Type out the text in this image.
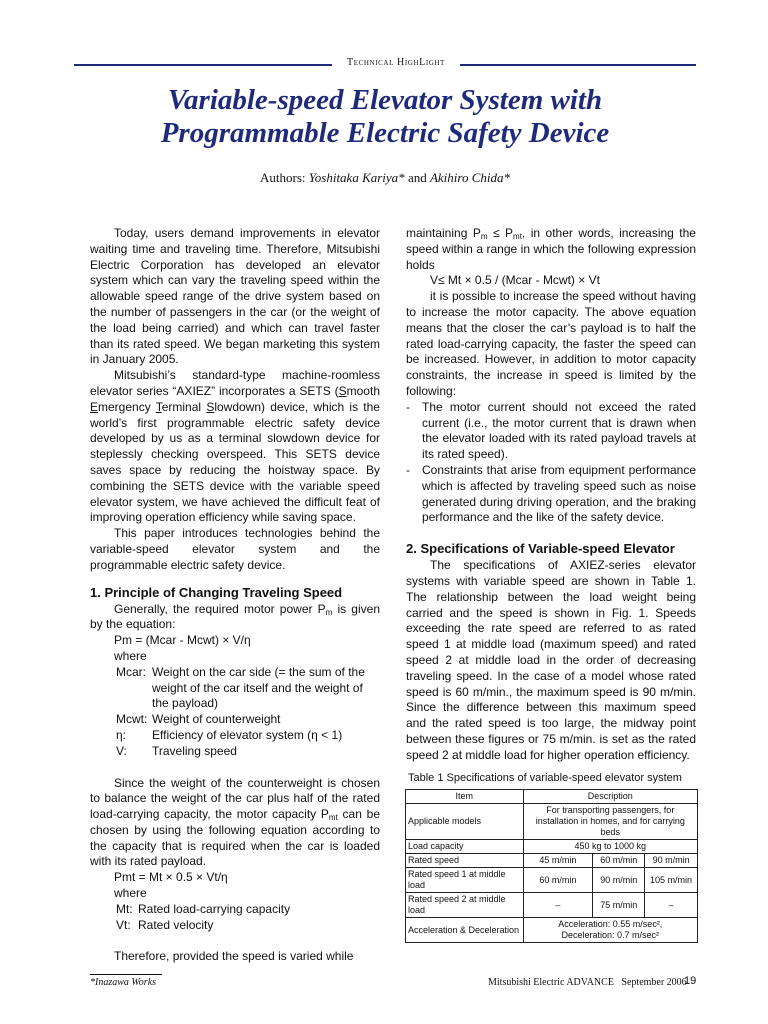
Technical HighLight
Variable-speed Elevator System with
Programmable Electric Safety Device
Authors: Yoshitaka Kariya* and Akihiro Chida*

Today, users demand improvements in elevator waiting time and traveling time. Therefore, Mitsubishi Electric Corporation has developed an elevator system which can vary the traveling speed within the allowable speed range of the drive system based on the number of passengers in the car (or the weight of the load being carried) and which can travel faster than its rated speed. We began marketing this system in January 2005.

Mitsubishi’s standard-type machine-roomless elevator series “AXIEZ” incorporates a SETS (Smooth Emergency Terminal Slowdown) device, which is the world’s first programmable electric safety device developed by us as a terminal slowdown device for steplessly checking overspeed. This SETS device saves space by reducing the hoistway space. By combining the SETS device with the variable speed elevator system, we have achieved the difficult feat of improving operation efficiency while saving space.

This paper introduces technologies behind the variable-speed elevator system and the programmable electric safety device.

1. Principle of Changing Traveling Speed

Generally, the required motor power $P_m$ is given by the equation:

Pm = (Mcar - Mcwt) × V/η

where

Mcar: Weight on the car side (= the sum of the weight of the car itself and the weight of the payload)
Mcwt: Weight of counterweight
η:	Efficiency of elevator system (η < 1)
V:	Traveling speed

Since the weight of the counterweight is chosen to balance the weight of the car plus half of the rated load-carrying capacity, the motor capacity $P_{mt}$ can be chosen by using the following equation according to the capacity that is required when the car is loaded with its rated payload.

Pmt = Mt × 0.5 × Vt/η

where

Mt: Rated load-carrying capacity
Vt: Rated velocity

Therefore, provided the speed is varied while

maintaining $P_m \le P_{mt}$, in other words, increasing the speed within a range in which the following expression holds

V≤ Mt × 0.5 / (Mcar - Mcwt) × Vt

it is possible to increase the speed without having to increase the motor capacity. The above equation means that the closer the car’s payload is to half the rated load-carrying capacity, the faster the speed can be increased. However, in addition to motor capacity constraints, the increase in speed is limited by the following:

- The motor current should not exceed the rated current (i.e., the motor current that is drawn when the elevator loaded with its rated payload travels at its rated speed).
- Constraints that arise from equipment performance which is affected by traveling speed such as noise generated during driving operation, and the braking performance and the like of the safety device.
2. Specifications of Variable-speed Elevator

The specifications of AXIEZ-series elevator systems with variable speed are shown in Table 1. The relationship between the load weight being carried and the speed is shown in Fig. 1. Speeds exceeding the rate speed are referred to as rated speed 1 at middle load (maximum speed) and rated speed 2 at middle load in the order of decreasing traveling speed. In the case of a model whose rated speed is 60 m/min., the maximum speed is 90 m/min. Since the difference between this maximum speed and the rated speed is too large, the midway point between these figures or 75 m/min. is set as the rated speed 2 at middle load for higher operation efficiency.

Table 1 Specifications of variable-speed elevator system
Item	Description		
Applicable models	For transporting passengers, for installation in homes, and for carrying beds		
Load capacity	450 kg to 1000 kg		
Rated speed	45 m/min	60 m/min	90 m/min
Rated speed 1 at middle load	60 m/min	90 m/min	105 m/min
Rated speed 2 at middle load	–	75 m/min	–
Acceleration & Deceleration	Acceleration: 0.55 m/sec²,
Deceleration: 0.7 m/sec²		
*Inazawa Works	Mitsubishi Electric ADVANCE   September 2006
19
